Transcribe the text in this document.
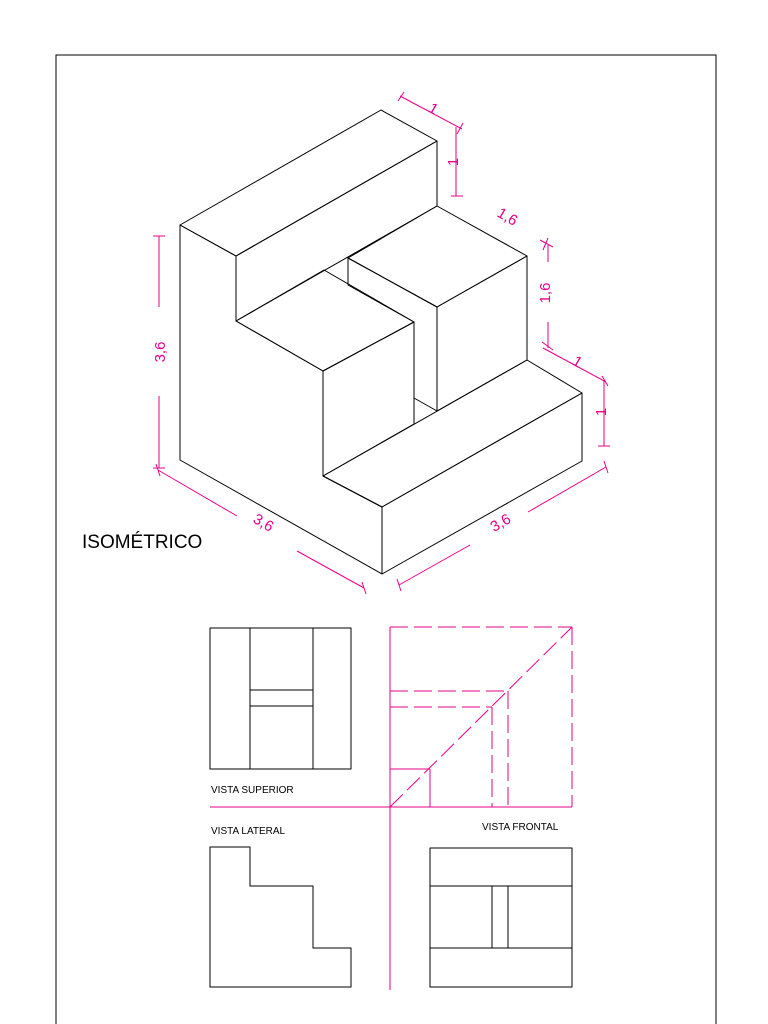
3,6
3,6	3,6
1
1
1,6
1,6
1
1
ISOMÉTRICO
VISTA SUPERIOR
VISTA LATERAL	VISTA FRONTAL
